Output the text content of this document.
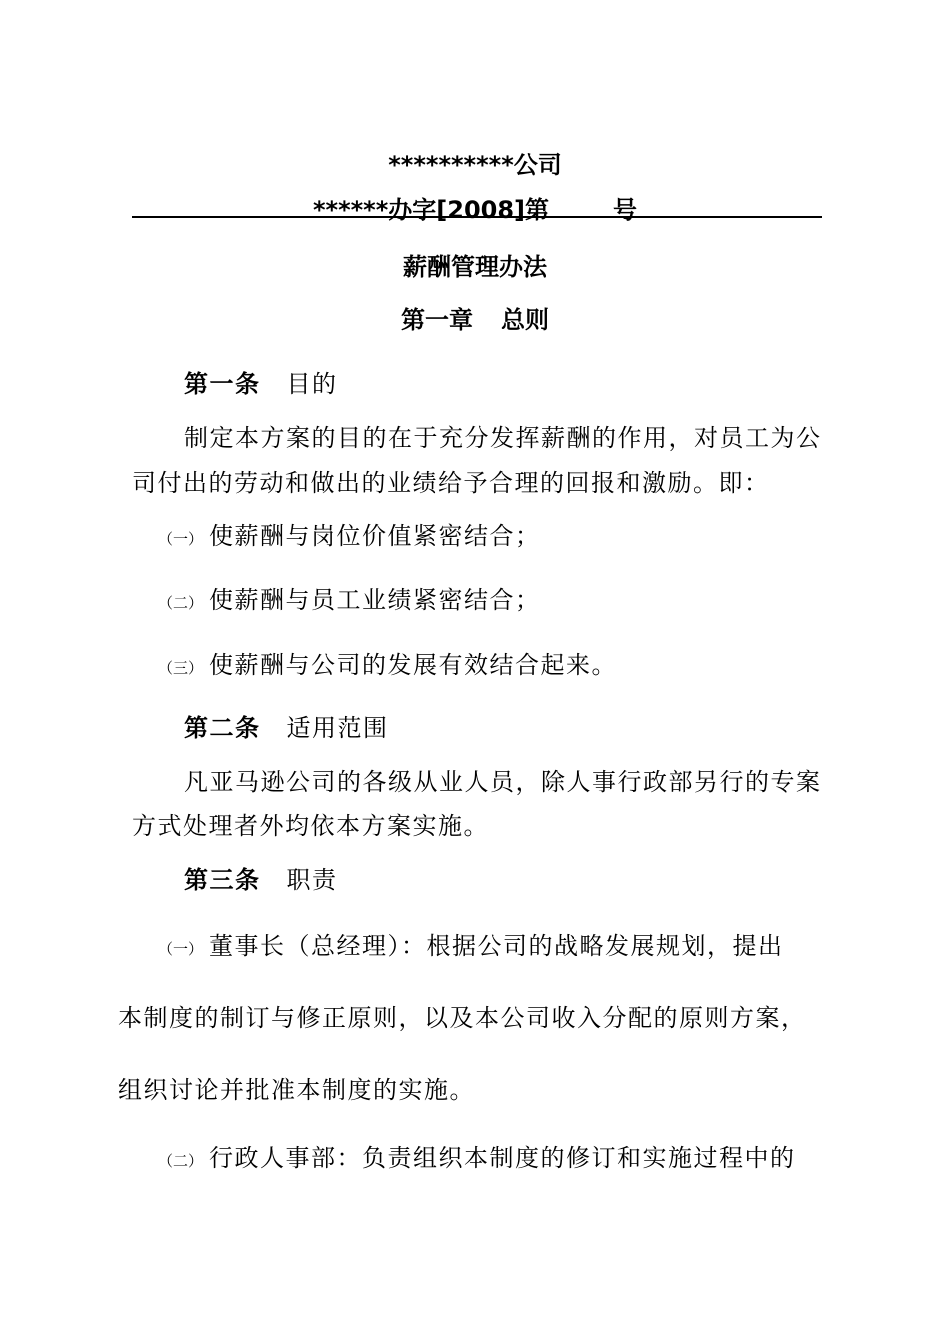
**********公司
******办字[2008]第	号
薪酬管理办法
第一章 总则
第一条 目的
制定本方案的目的在于充分发挥薪酬的作用，对员工为公
司付出的劳动和做出的业绩给予合理的回报和激励。即：
（一） 使薪酬与岗位价值紧密结合；
（二） 使薪酬与员工业绩紧密结合；
（三） 使薪酬与公司的发展有效结合起来。
第二条 适用范围
凡亚马逊公司的各级从业人员，除人事行政部另行的专案
方式处理者外均依本方案实施。
第三条 职责
（一） 董事长（总经理）：根据公司的战略发展规划，提出
本制度的制订与修正原则，以及本公司收入分配的原则方案，
组织讨论并批准本制度的实施。
（二） 行政人事部：负责组织本制度的修订和实施过程中的
